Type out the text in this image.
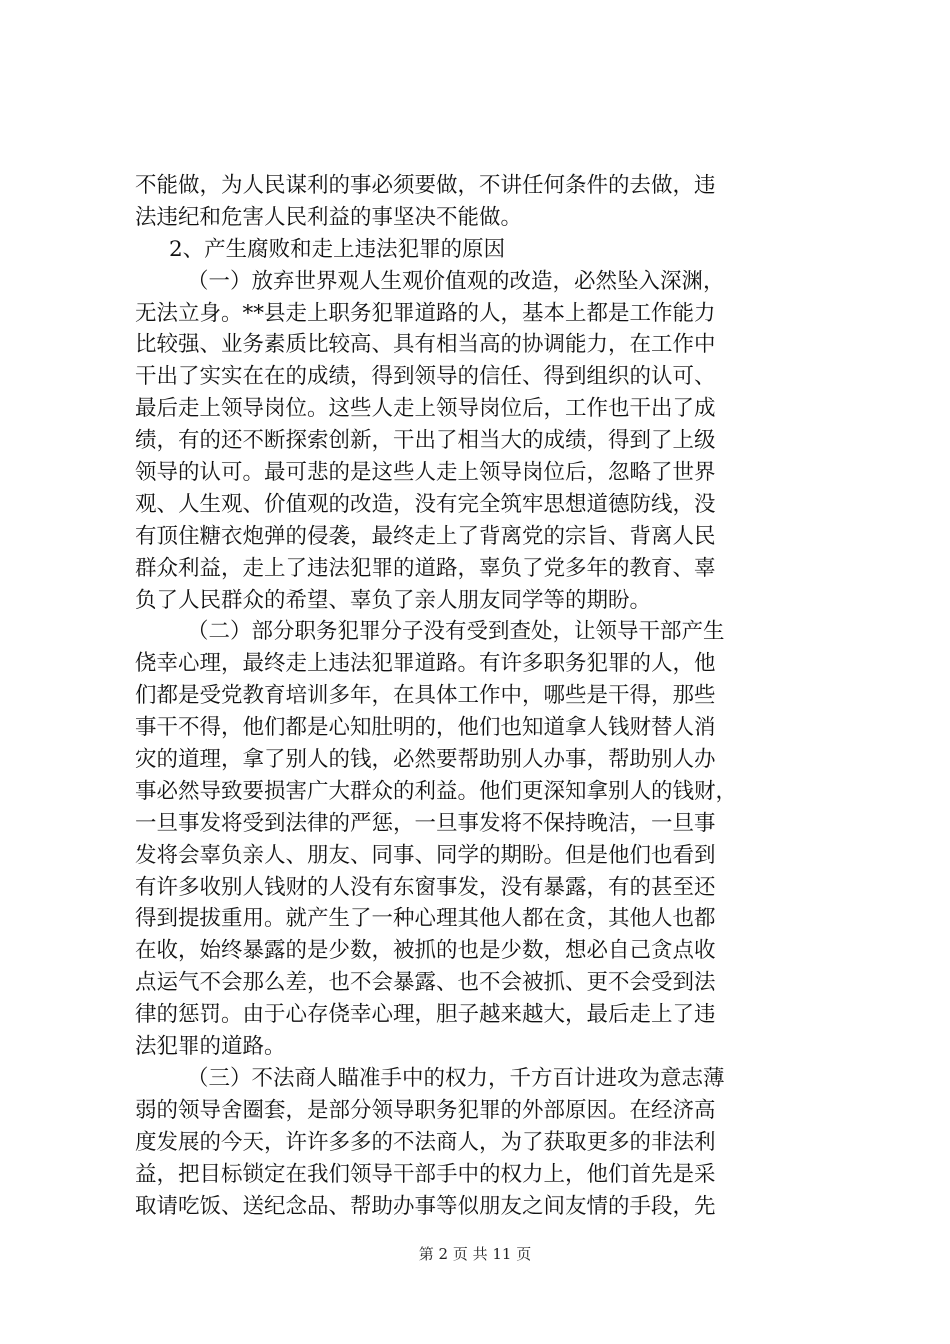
不能做，为人民谋利的事必须要做，不讲任何条件的去做，违
法违纪和危害人民利益的事坚决不能做。
2、产生腐败和走上违法犯罪的原因
（一）放弃世界观人生观价值观的改造，必然坠入深渊，
无法立身。**县走上职务犯罪道路的人，基本上都是工作能力
比较强、业务素质比较高、具有相当高的协调能力，在工作中
干出了实实在在的成绩，得到领导的信任、得到组织的认可、
最后走上领导岗位。这些人走上领导岗位后，工作也干出了成
绩，有的还不断探索创新，干出了相当大的成绩，得到了上级
领导的认可。最可悲的是这些人走上领导岗位后，忽略了世界
观、人生观、价值观的改造，没有完全筑牢思想道德防线，没
有顶住糖衣炮弹的侵袭，最终走上了背离党的宗旨、背离人民
群众利益，走上了违法犯罪的道路，辜负了党多年的教育、辜
负了人民群众的希望、辜负了亲人朋友同学等的期盼。
（二）部分职务犯罪分子没有受到查处，让领导干部产生
侥幸心理，最终走上违法犯罪道路。有许多职务犯罪的人，他
们都是受党教育培训多年，在具体工作中，哪些是干得，那些
事干不得，他们都是心知肚明的，他们也知道拿人钱财替人消
灾的道理，拿了别人的钱，必然要帮助别人办事，帮助别人办
事必然导致要损害广大群众的利益。他们更深知拿别人的钱财，
一旦事发将受到法律的严惩，一旦事发将不保持晚洁，一旦事
发将会辜负亲人、朋友、同事、同学的期盼。但是他们也看到
有许多收别人钱财的人没有东窗事发，没有暴露，有的甚至还
得到提拔重用。就产生了一种心理其他人都在贪，其他人也都
在收，始终暴露的是少数，被抓的也是少数，想必自己贪点收
点运气不会那么差，也不会暴露、也不会被抓、更不会受到法
律的惩罚。由于心存侥幸心理，胆子越来越大，最后走上了违
法犯罪的道路。
（三）不法商人瞄准手中的权力，千方百计进攻为意志薄
弱的领导舍圈套，是部分领导职务犯罪的外部原因。在经济高
度发展的今天，许许多多的不法商人，为了获取更多的非法利
益，把目标锁定在我们领导干部手中的权力上，他们首先是采
取请吃饭、送纪念品、帮助办事等似朋友之间友情的手段，先
第 2 页 共 11 页
